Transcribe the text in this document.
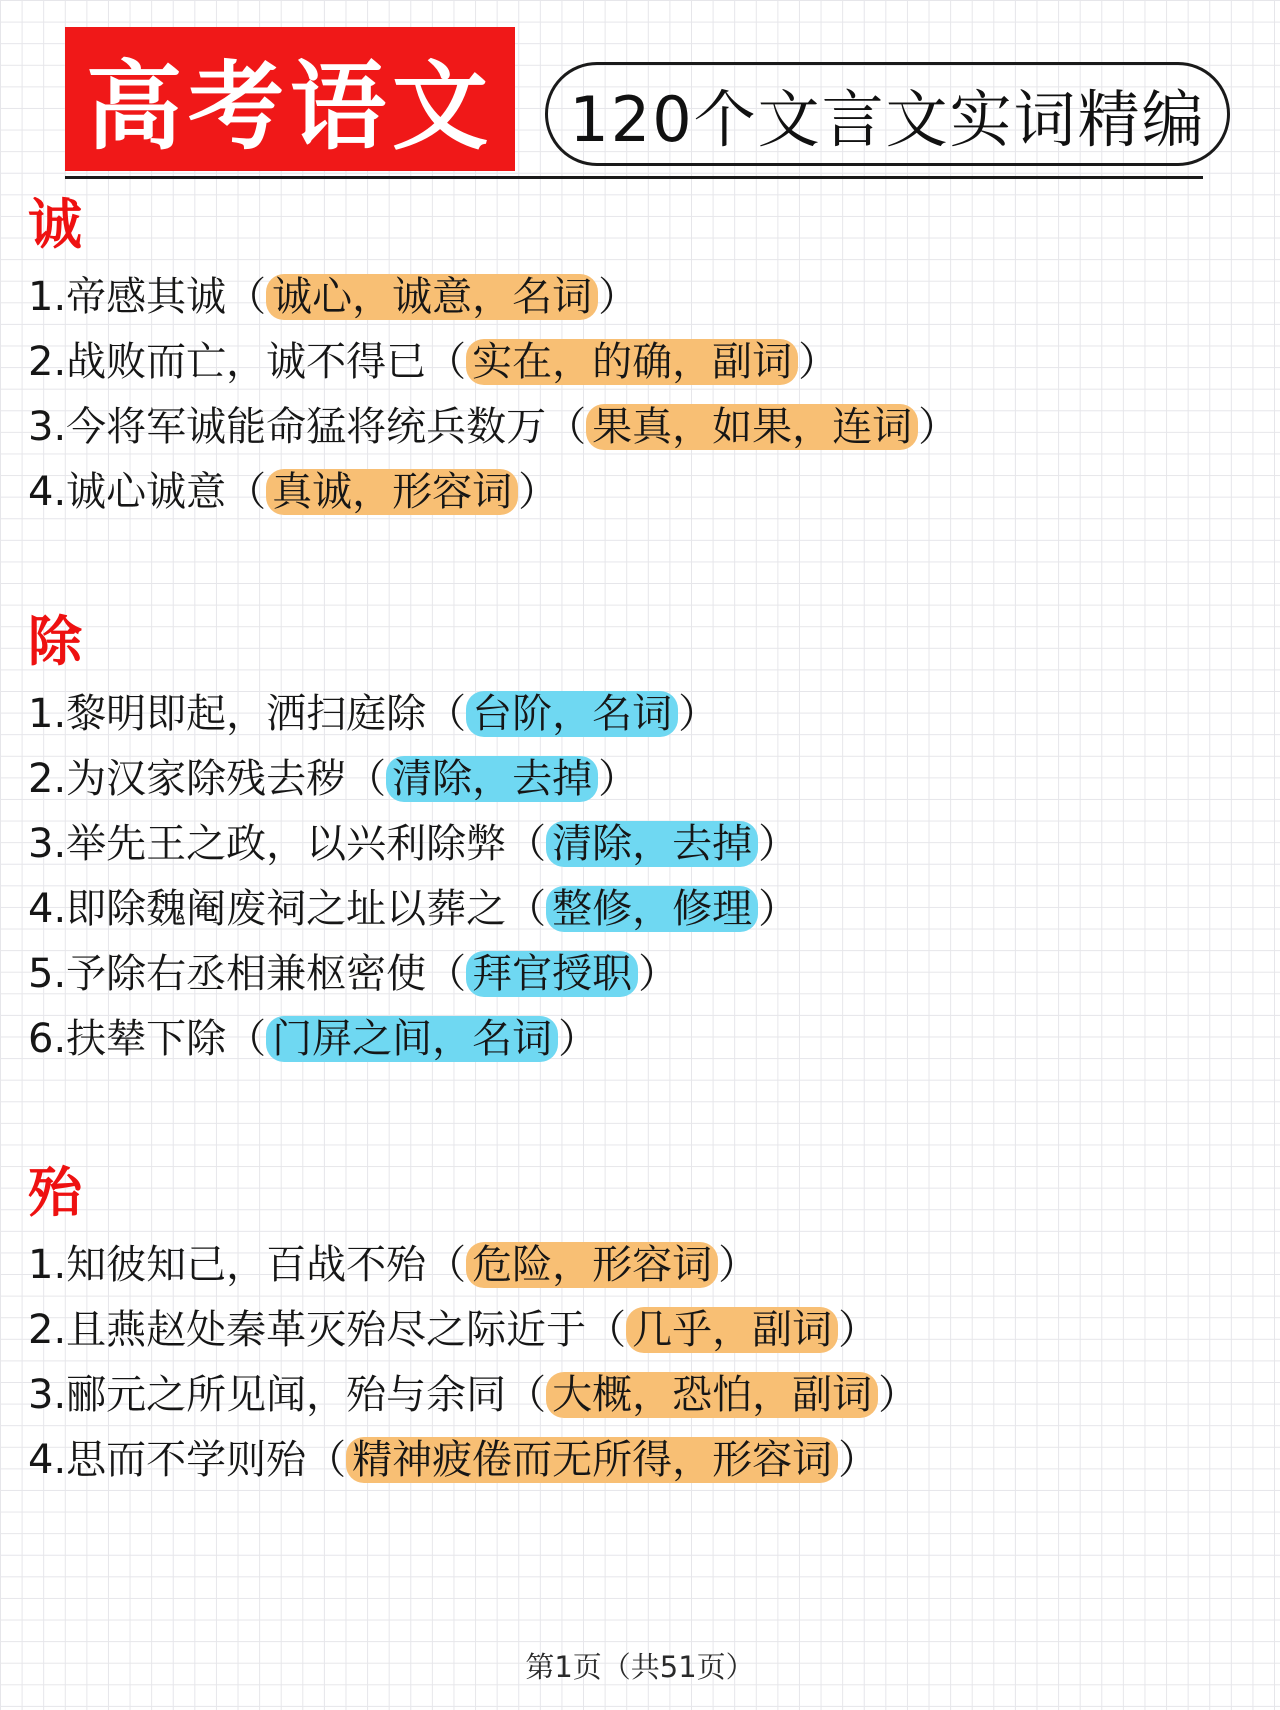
高考语文 120个文言文实词精编
诚
1.帝感其诚（ 诚心，诚意，名词 ）
2.战败而亡，诚不得已（ 实在，的确，副词 ）
3.今将军诚能命猛将统兵数万（ 果真，如果，连词 ）
4.诚心诚意（ 真诚，形容词 ）
除
1.黎明即起，洒扫庭除（ 台阶，名词 ）
2.为汉家除残去秽（ 清除，去掉 ）
3.举先王之政，以兴利除弊（ 清除，去掉 ）
4.即除魏阉废祠之址以葬之（ 整修，修理 ）
5.予除右丞相兼枢密使（ 拜官授职 ）
6.扶辇下除（ 门屏之间，名词 ）
殆
1.知彼知己，百战不殆（ 危险，形容词 ）
2.且燕赵处秦革灭殆尽之际近于（ 几乎，副词 ）
3.郦元之所见闻，殆与余同（ 大概，恐怕，副词 ）
4.思而不学则殆（ 精神疲倦而无所得，形容词 ）
第1页（共51页）
